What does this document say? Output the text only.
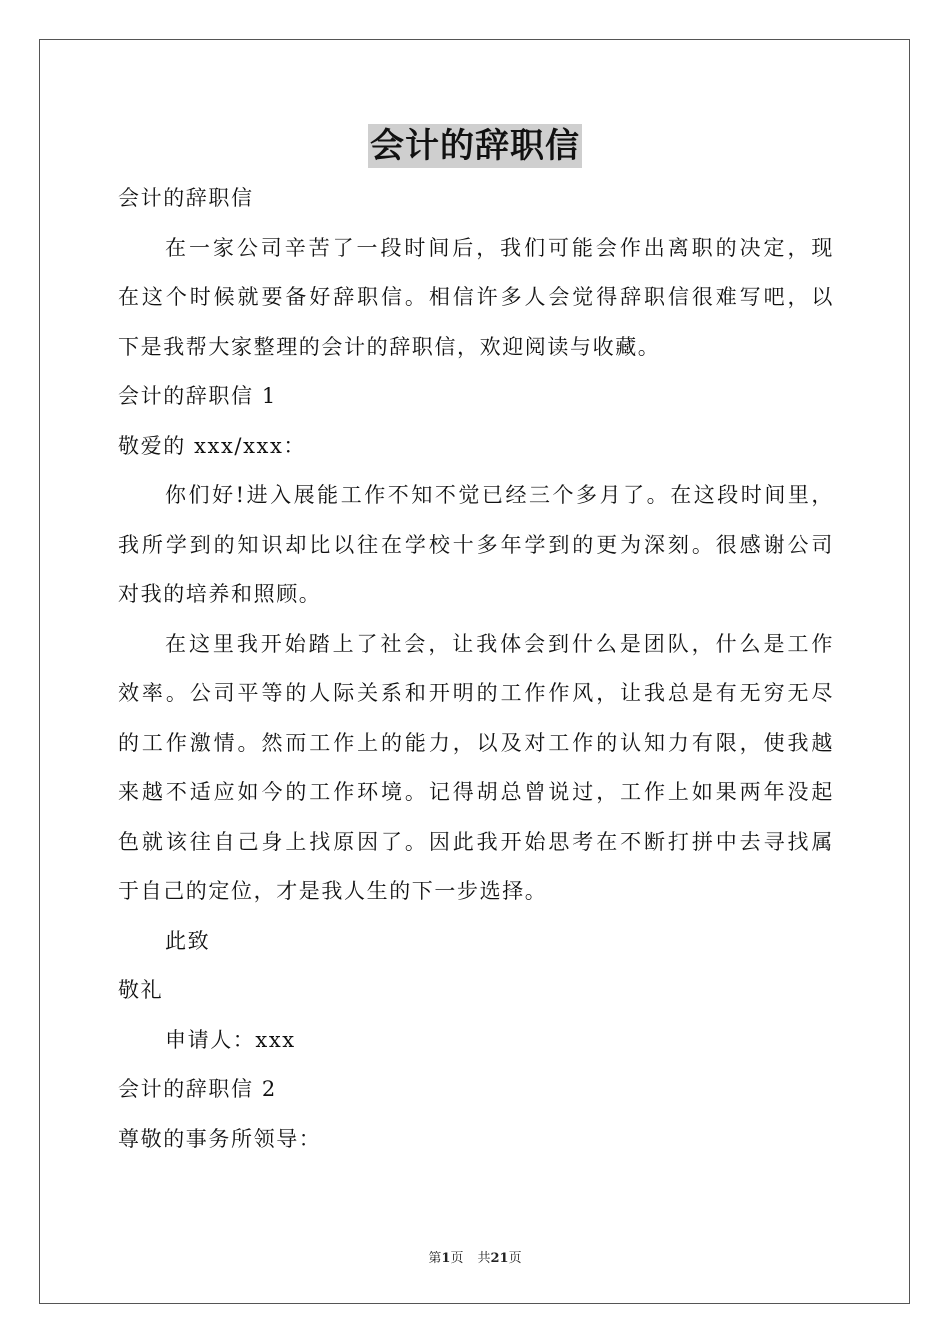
会计的辞职信
会计的辞职信
在一家公司辛苦了一段时间后，我们可能会作出离职的决定，现
在这个时候就要备好辞职信。相信许多人会觉得辞职信很难写吧，以
下是我帮大家整理的会计的辞职信，欢迎阅读与收藏。
会计的辞职信 1
敬爱的 xxx/xxx：
你们好!进入展能工作不知不觉已经三个多月了。在这段时间里，
我所学到的知识却比以往在学校十多年学到的更为深刻。很感谢公司
对我的培养和照顾。
在这里我开始踏上了社会，让我体会到什么是团队，什么是工作
效率。公司平等的人际关系和开明的工作作风，让我总是有无穷无尽
的工作激情。然而工作上的能力，以及对工作的认知力有限，使我越
来越不适应如今的工作环境。记得胡总曾说过，工作上如果两年没起
色就该往自己身上找原因了。因此我开始思考在不断打拼中去寻找属
于自己的定位，才是我人生的下一步选择。
此致
敬礼
申请人：xxx
会计的辞职信 2
尊敬的事务所领导：
第1页 共21页
